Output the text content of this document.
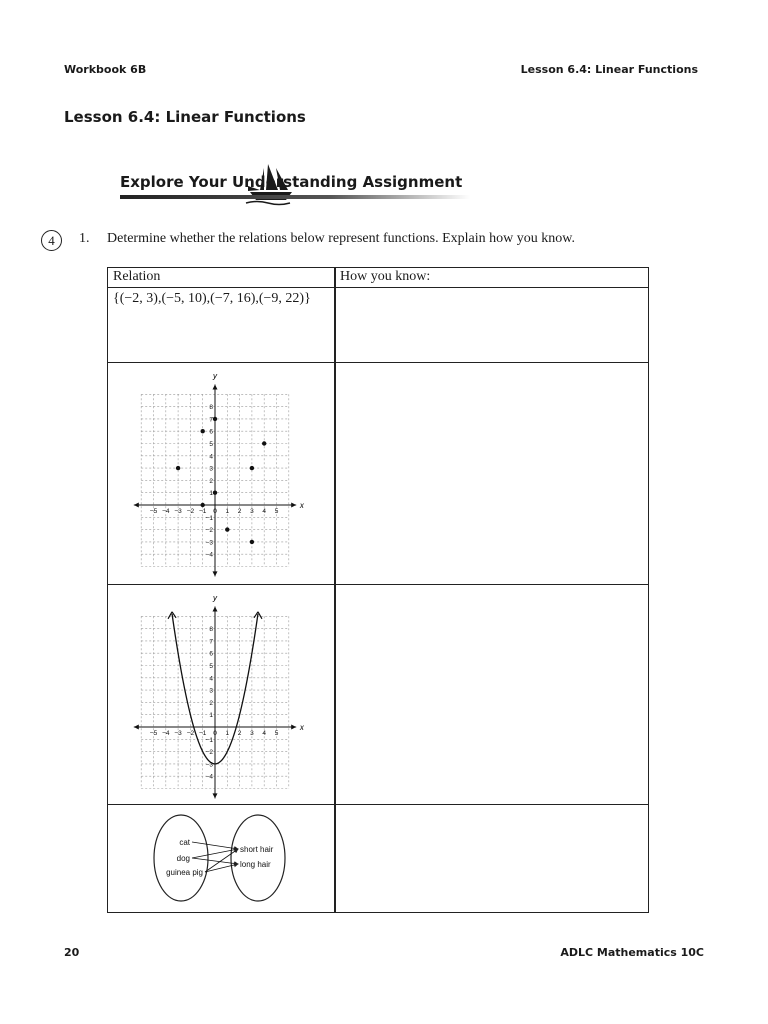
Workbook 6B	Lesson 6.4: Linear Functions
Lesson 6.4: Linear Functions
Explore Your Understanding Assignment
4	1. Determine whether the relations below represent functions. Explain how you know.
Relation	How you know:
{(−2, 3),(−5, 10),(−7, 16),(−9, 22)}
x
y
−5 −4 −3 −2 −1 0 1 2 3 4 5
8
7
6
5
4
3
2
1
−1
−2
−3
−4
x
y
−5 −4 −3 −2 −1 0 1 2 3 4 5
8
7
6
5
4
3
2
1
−1
−2
−3
−4
cat
dog
guinea pig
short hair
long hair
20	ADLC Mathematics 10C
